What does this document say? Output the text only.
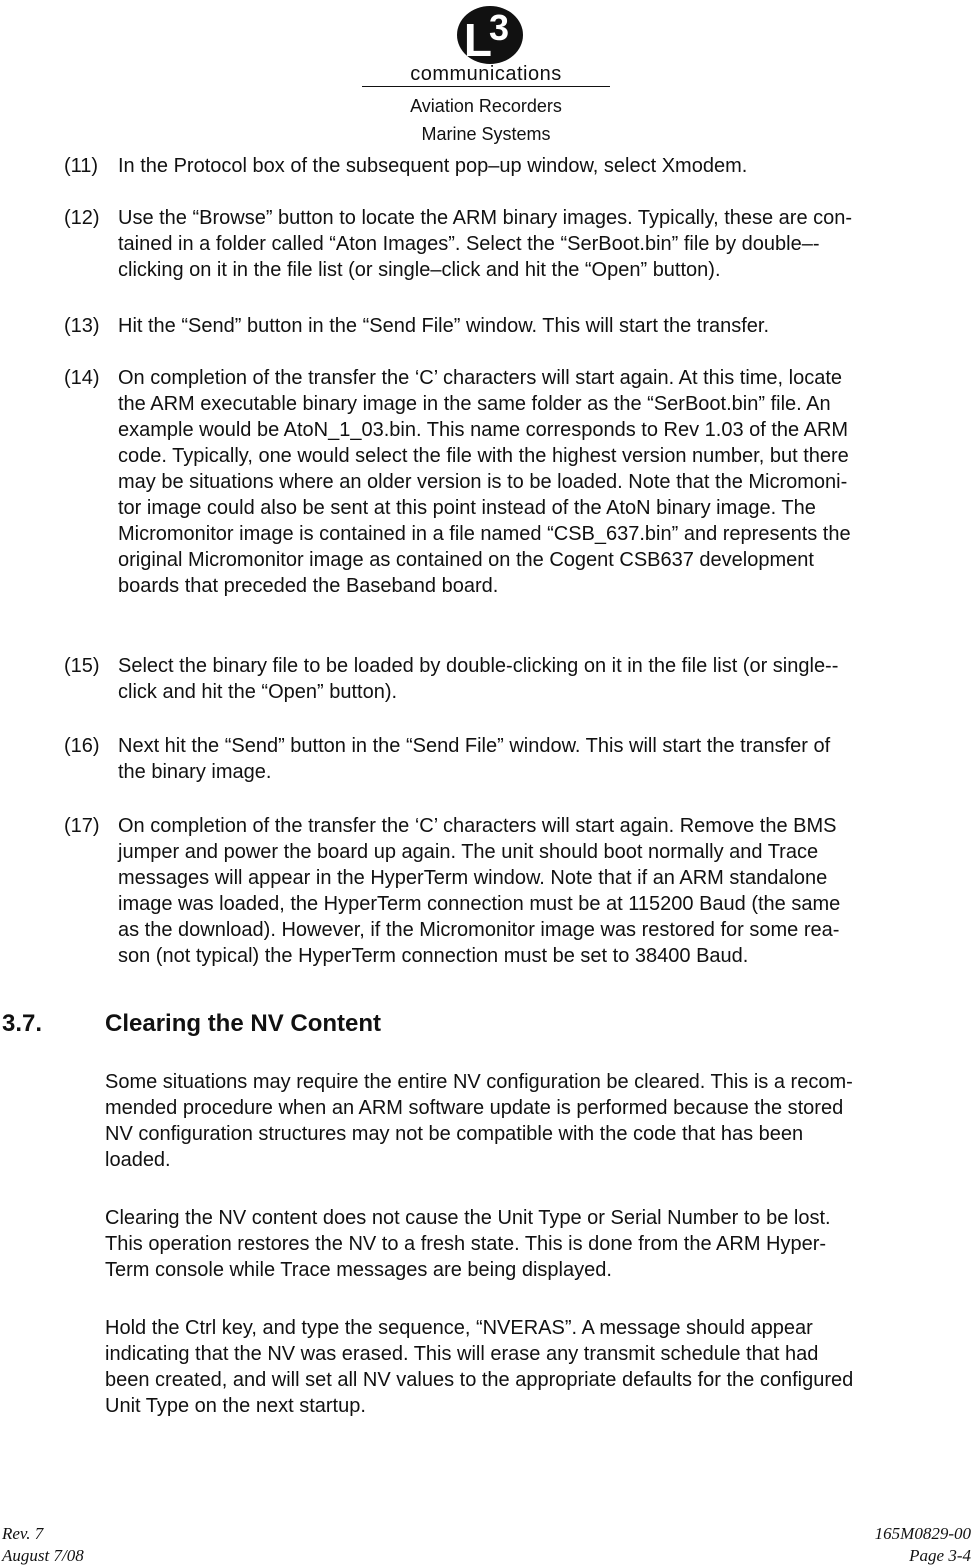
L
3
communications
Aviation Recorders
Marine Systems
(11) In the Protocol box of the subsequent pop–up window, select Xmodem.
(12) Use the “Browse” button to locate the ARM binary images. Typically, these are con-
tained in a folder called “Aton Images”. Select the “SerBoot.bin” file by double–-
clicking on it in the file list (or single–click and hit the “Open” button).
(13) Hit the “Send” button in the “Send File” window. This will start the transfer.
(14) On completion of the transfer the ‘C’ characters will start again. At this time, locate
the ARM executable binary image in the same folder as the “SerBoot.bin” file. An
example would be AtoN_1_03.bin. This name corresponds to Rev 1.03 of the ARM
code. Typically, one would select the file with the highest version number, but there
may be situations where an older version is to be loaded. Note that the Micromoni-
tor image could also be sent at this point instead of the AtoN binary image. The
Micromonitor image is contained in a file named “CSB_637.bin” and represents the
original Micromonitor image as contained on the Cogent CSB637 development
boards that preceded the Baseband board.
(15) Select the binary file to be loaded by double-clicking on it in the file list (or single--
click and hit the “Open” button).
(16) Next hit the “Send” button in the “Send File” window. This will start the transfer of
the binary image.
(17) On completion of the transfer the ‘C’ characters will start again. Remove the BMS
jumper and power the board up again. The unit should boot normally and Trace
messages will appear in the HyperTerm window. Note that if an ARM standalone
image was loaded, the HyperTerm connection must be at 115200 Baud (the same
as the download). However, if the Micromonitor image was restored for some rea-
son (not typical) the HyperTerm connection must be set to 38400 Baud.
3.7.	Clearing the NV Content
Some situations may require the entire NV configuration be cleared. This is a recom-
mended procedure when an ARM software update is performed because the stored
NV configuration structures may not be compatible with the code that has been
loaded.
Clearing the NV content does not cause the Unit Type or Serial Number to be lost.
This operation restores the NV to a fresh state. This is done from the ARM Hyper-
Term console while Trace messages are being displayed.
Hold the Ctrl key, and type the sequence, “NVERAS”. A message should appear
indicating that the NV was erased. This will erase any transmit schedule that had
been created, and will set all NV values to the appropriate defaults for the configured
Unit Type on the next startup.
Rev. 7
August 7/08
165M0829-00
Page 3-4
